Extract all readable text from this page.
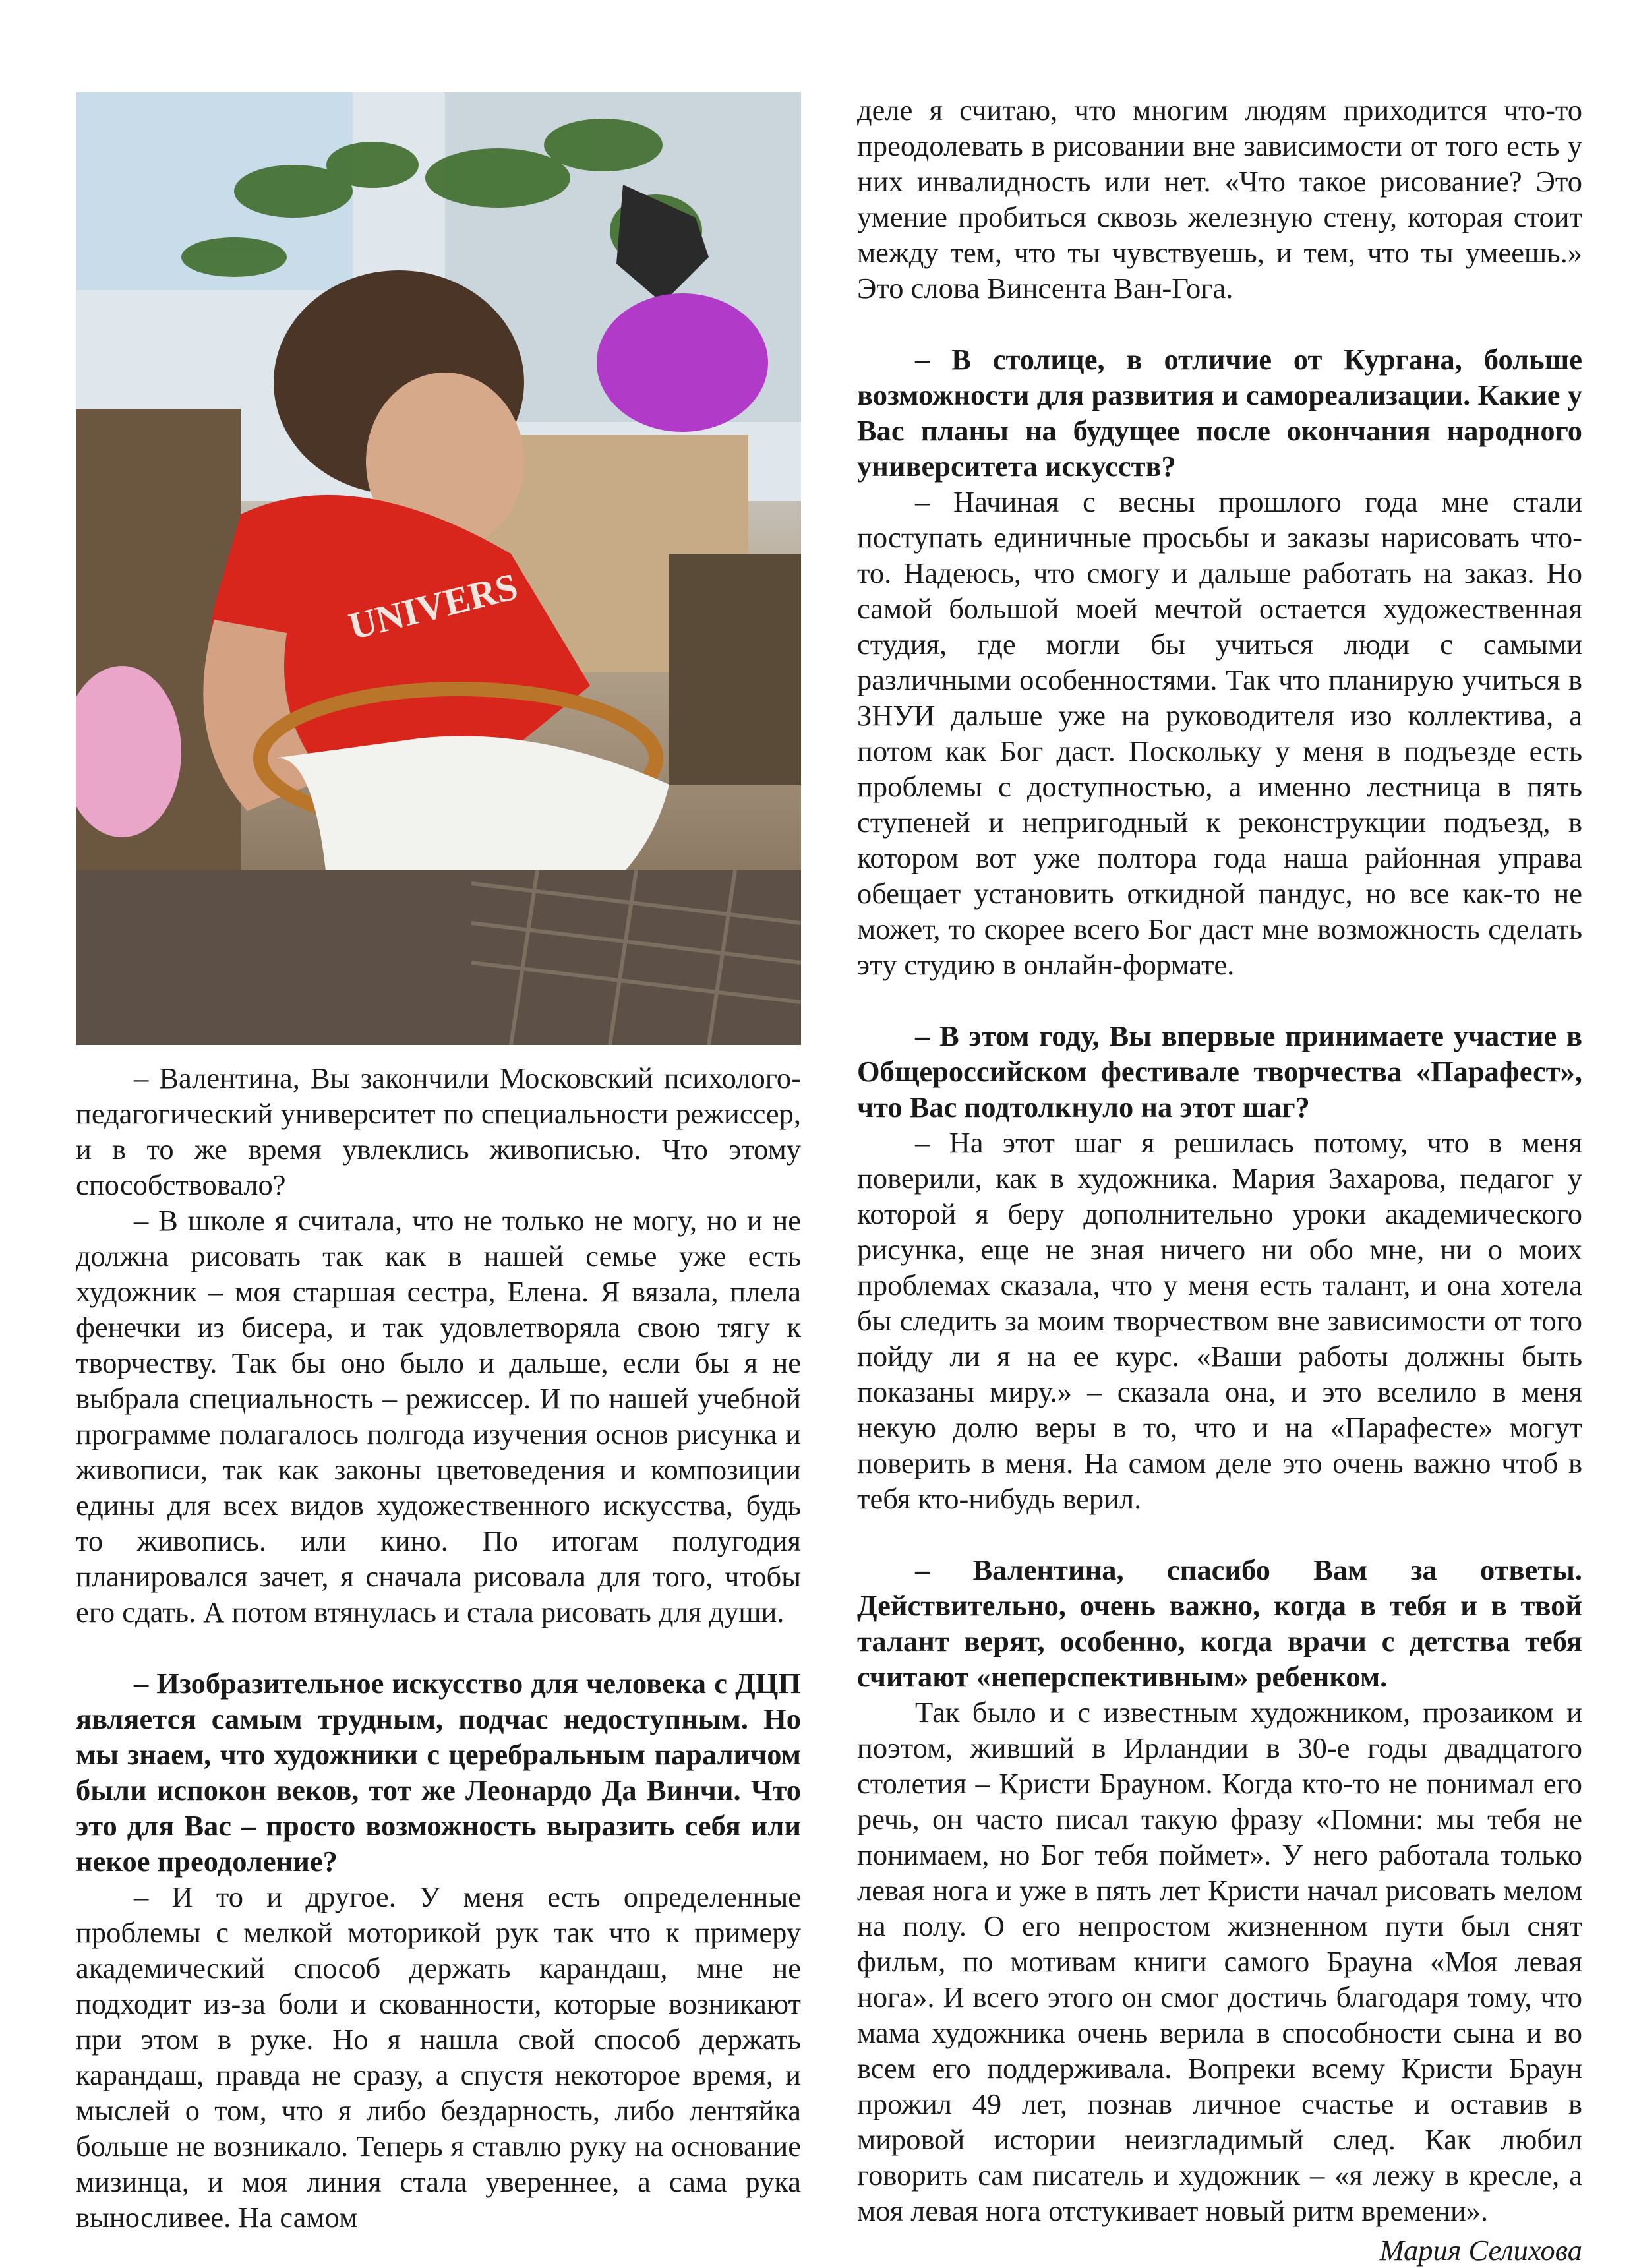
UNIVERS

– Валентина, Вы закончили Московский психолого-педагогический университет по специальности режиссер, и в то же время увлеклись живописью. Что этому способствовало?

– В школе я считала, что не только не могу, но и не должна рисовать так как в нашей семье уже есть художник – моя старшая сестра, Елена. Я вязала, плела фенечки из бисера, и так удовлетворяла свою тягу к творчеству. Так бы оно было и дальше, если бы я не выбрала специальность – режиссер. И по нашей учебной программе полагалось полгода изучения основ рисунка и живописи, так как законы цветоведения и композиции едины для всех видов художественного искусства, будь то живопись. или кино. По итогам полугодия планировался зачет, я сначала рисовала для того, чтобы его сдать. А потом втянулась и стала рисовать для души.

– Изобразительное искусство для человека с ДЦП является самым трудным, подчас недоступным. Но мы знаем, что художники с церебральным параличом были испокон веков, тот же Леонардо Да Винчи. Что это для Вас – просто возможность выразить себя или некое преодоление?

– И то и другое. У меня есть определенные проблемы с мелкой моторикой рук так что к примеру академический способ держать карандаш, мне не подходит из-за боли и скованности, которые возникают при этом в руке. Но я нашла свой способ держать карандаш, правда не сразу, а спустя некоторое время, и мыслей о том, что я либо бездарность, либо лентяйка больше не возникало. Теперь я ставлю руку на основание мизинца, и моя линия стала увереннее, а сама рука выносливее. На самом

деле я считаю, что многим людям приходится что-то преодолевать в рисовании вне зависимости от того есть у них инвалидность или нет. «Что такое рисование? Это умение пробиться сквозь железную стену, которая стоит между тем, что ты чувствуешь, и тем, что ты умеешь.» Это слова Винсента Ван-Гога.

– В столице, в отличие от Кургана, больше возможности для развития и самореализации. Какие у Вас планы на будущее после окончания народного университета искусств?

– Начиная с весны прошлого года мне стали поступать единичные просьбы и заказы нарисовать что-то. Надеюсь, что смогу и дальше работать на заказ. Но самой большой моей мечтой остается художественная студия, где могли бы учиться люди с самыми различными особенностями. Так что планирую учиться в ЗНУИ дальше уже на руководителя изо коллектива, а потом как Бог даст. Поскольку у меня в подъезде есть проблемы с доступностью, а именно лестница в пять ступеней и непригодный к реконструкции подъезд, в котором вот уже полтора года наша районная управа обещает установить откидной пандус, но все как-то не может, то скорее всего Бог даст мне возможность сделать эту студию в онлайн-формате.

– В этом году, Вы впервые принимаете участие в Общероссийском фестивале творчества «Парафест», что Вас подтолкнуло на этот шаг?

– На этот шаг я решилась потому, что в меня поверили, как в художника. Мария Захарова, педагог у которой я беру дополнительно уроки академического рисунка, еще не зная ничего ни обо мне, ни о моих проблемах сказала, что у меня есть талант, и она хотела бы следить за моим творчеством вне зависимости от того пойду ли я на ее курс. «Ваши работы должны быть показаны миру.» – сказала она, и это вселило в меня некую долю веры в то, что и на «Парафесте» могут поверить в меня. На самом деле это очень важно чтоб в тебя кто-нибудь верил.

– Валентина, спасибо Вам за ответы. Действительно, очень важно, когда в тебя и в твой талант верят, особенно, когда врачи с детства тебя считают «неперспективным» ребенком.

Так было и с известным художником, прозаиком и поэтом, живший в Ирландии в 30-е годы двадцатого столетия – Кристи Брауном. Когда кто-то не понимал его речь, он часто писал такую фразу «Помни: мы тебя не понимаем, но Бог тебя поймет». У него работала только левая нога и уже в пять лет Кристи начал рисовать мелом на полу. О его непростом жизненном пути был снят фильм, по мотивам книги самого Брауна «Моя левая нога». И всего этого он смог достичь благодаря тому, что мама художника очень верила в способности сына и во всем его поддерживала. Вопреки всему Кристи Браун прожил 49 лет, познав личное счастье и оставив в мировой истории неизгладимый след. Как любил говорить сам писатель и художник – «я лежу в кресле, а моя левая нога отстукивает новый ритм времени».

Мария Селихова
